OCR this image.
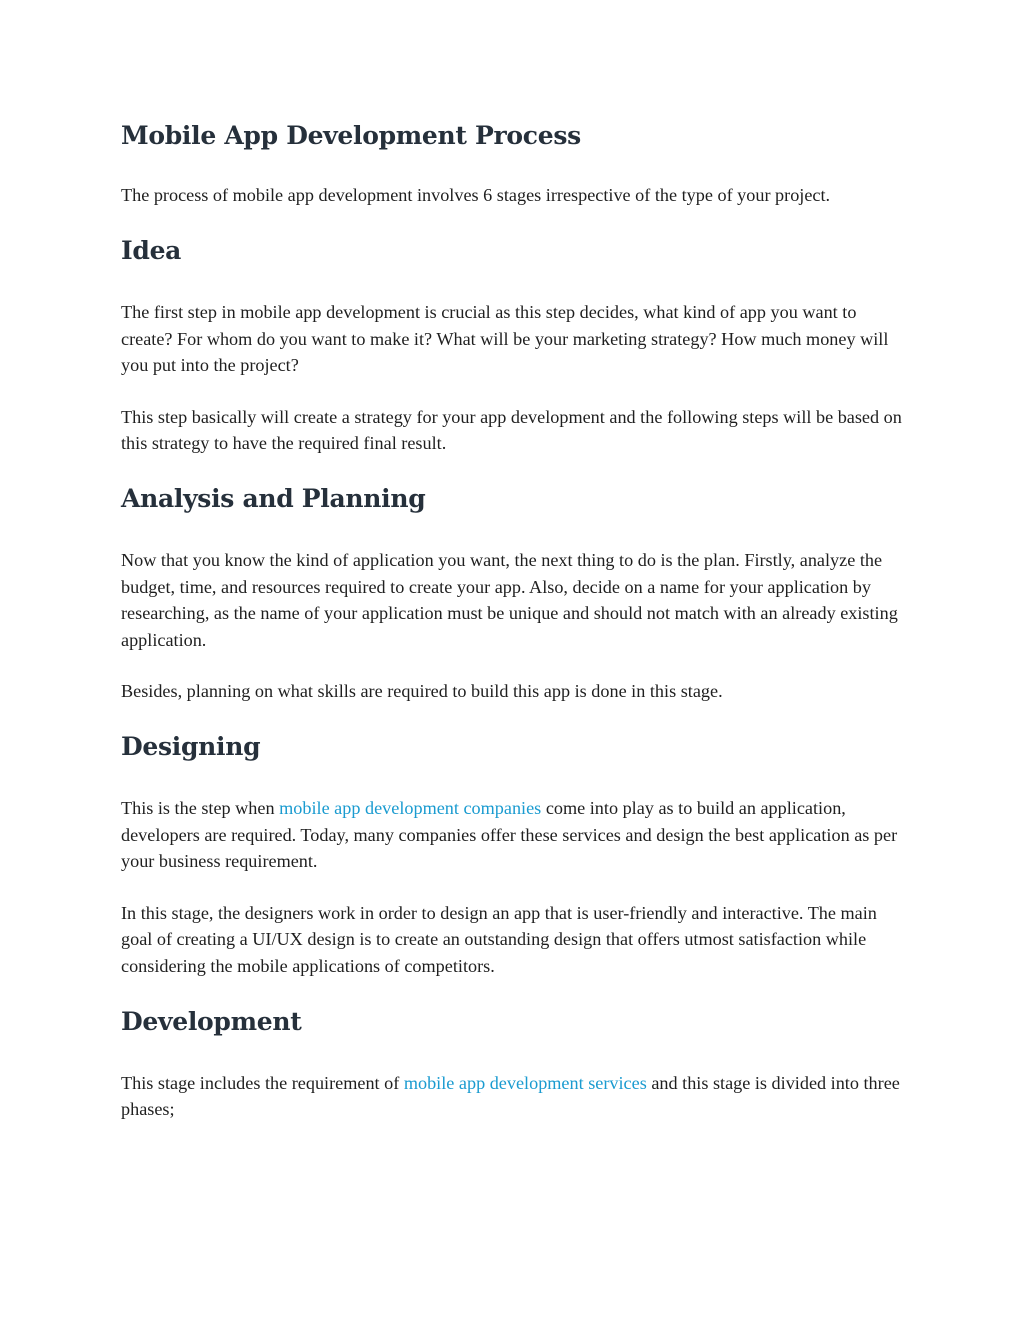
Mobile App Development Process

The process of mobile app development involves 6 stages irrespective of the type of your project.

Idea

The first step in mobile app development is crucial as this step decides, what kind of app you want to create? For whom do you want to make it? What will be your marketing strategy? How much money will you put into the project?

This step basically will create a strategy for your app development and the following steps will be based on this strategy to have the required final result.

Analysis and Planning

Now that you know the kind of application you want, the next thing to do is the plan. Firstly, analyze the budget, time, and resources required to create your app. Also, decide on a name for your application by researching, as the name of your application must be unique and should not match with an already existing application.

Besides, planning on what skills are required to build this app is done in this stage.

Designing

This is the step when mobile app development companies come into play as to build an application, developers are required. Today, many companies offer these services and design the best application as per your business requirement.

In this stage, the designers work in order to design an app that is user-friendly and interactive. The main goal of creating a UI/UX design is to create an outstanding design that offers utmost satisfaction while considering the mobile applications of competitors.

Development

This stage includes the requirement of mobile app development services and this stage is divided into three phases;
